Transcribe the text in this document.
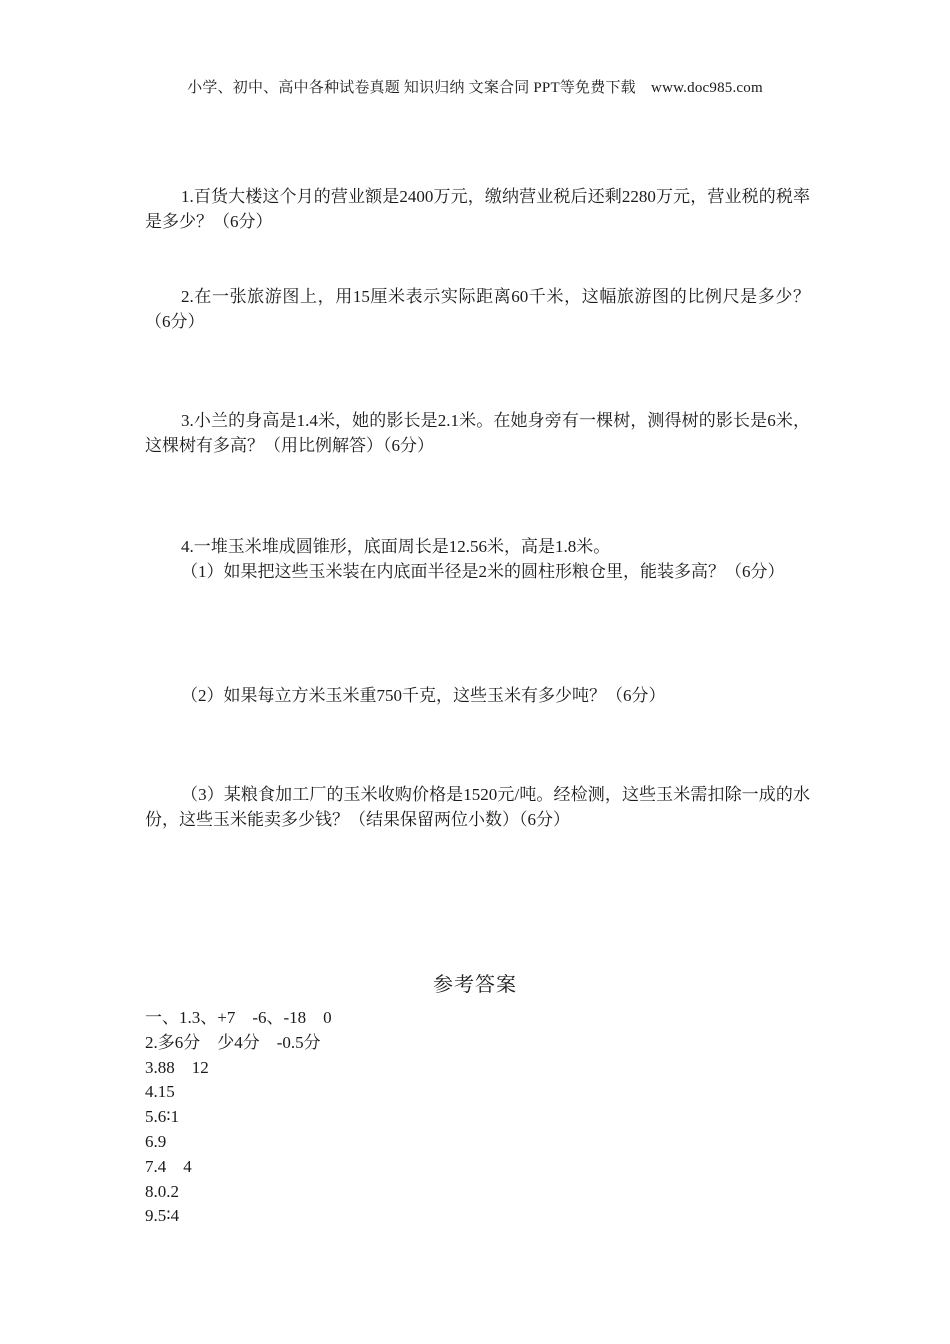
小学、初中、高中各种试卷真题 知识归纳 文案合同 PPT等免费下载　www.doc985.com
1.百货大楼这个月的营业额是2400万元，缴纳营业税后还剩2280万元，营业税的税率是多少？（6分）
2.在一张旅游图上，用15厘米表示实际距离60千米，这幅旅游图的比例尺是多少？（6分）
3.小兰的身高是1.4米，她的影长是2.1米。在她身旁有一棵树，测得树的影长是6米，这棵树有多高？（用比例解答）（6分）
4.一堆玉米堆成圆锥形，底面周长是12.56米，高是1.8米。
（1）如果把这些玉米装在内底面半径是2米的圆柱形粮仓里，能装多高？（6分）
（2）如果每立方米玉米重750千克，这些玉米有多少吨？（6分）
（3）某粮食加工厂的玉米收购价格是1520元/吨。经检测，这些玉米需扣除一成的水份，这些玉米能卖多少钱？（结果保留两位小数）（6分）
参考答案
一、1.3、+7　-6、-18　0
2.多6分　少4分　-0.5分
3.88　12
4.15
5.6∶1
6.9
7.4　4
8.0.2
9.5∶4
